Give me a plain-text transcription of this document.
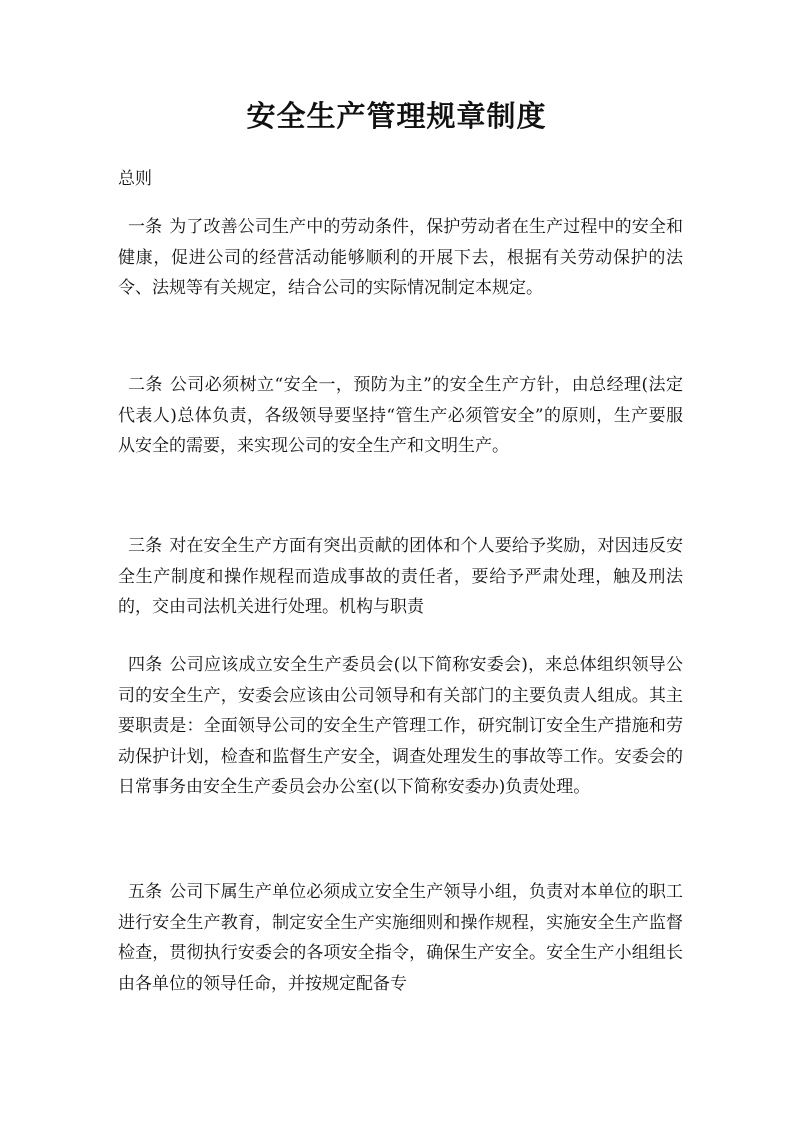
安全生产管理规章制度

总则

一条 为了改善公司生产中的劳动条件，保护劳动者在生产过程中的安全和健康，促进公司的经营活动能够顺利的开展下去，根据有关劳动保护的法令、法规等有关规定，结合公司的实际情况制定本规定。

二条 公司必须树立“安全一，预防为主”的安全生产方针，由总经理(法定代表人)总体负责，各级领导要坚持“管生产必须管安全”的原则，生产要服从安全的需要，来实现公司的安全生产和文明生产。

三条 对在安全生产方面有突出贡献的团体和个人要给予奖励，对因违反安全生产制度和操作规程而造成事故的责任者，要给予严肃处理，触及刑法的，交由司法机关进行处理。机构与职责

四条 公司应该成立安全生产委员会(以下简称安委会)，来总体组织领导公司的安全生产，安委会应该由公司领导和有关部门的主要负责人组成。其主要职责是：全面领导公司的安全生产管理工作，研究制订安全生产措施和劳动保护计划，检查和监督生产安全，调查处理发生的事故等工作。安委会的日常事务由安全生产委员会办公室(以下简称安委办)负责处理。

五条 公司下属生产单位必须成立安全生产领导小组，负责对本单位的职工进行安全生产教育，制定安全生产实施细则和操作规程，实施安全生产监督检查，贯彻执行安委会的各项安全指令，确保生产安全。安全生产小组组长由各单位的领导任命，并按规定配备专
